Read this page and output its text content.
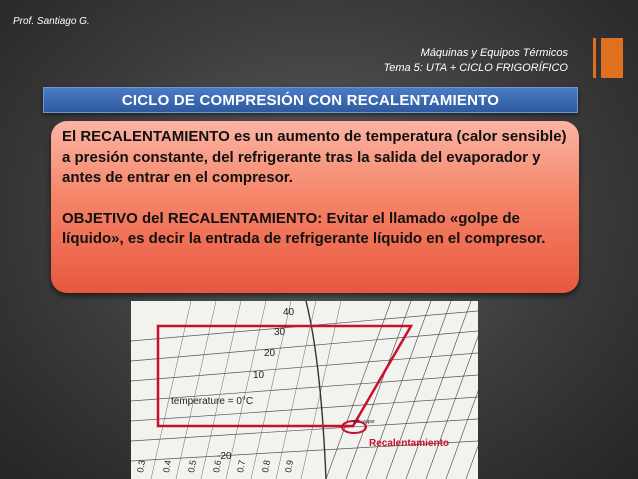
Prof. Santiago G.
Máquinas y Equipos Térmicos
Tema 5: UTA + CICLO FRIGORÍFICO
CICLO DE COMPRESIÓN CON RECALENTAMIENTO

El RECALENTAMIENTO es un aumento de temperatura (calor sensible) a presión constante, del refrigerante tras la salida del evaporador y antes de entrar en el compresor.

OBJETIVO del RECALENTAMIENTO: Evitar el llamado «golpe de líquido», es decir la entrada de refrigerante líquido en el compresor.

40
30
20
10
-20
temperature = 0°C
Recalentamiento
sat. vapor
0.3 0.4 0.5 0.6 0.7 0.8 0.9
